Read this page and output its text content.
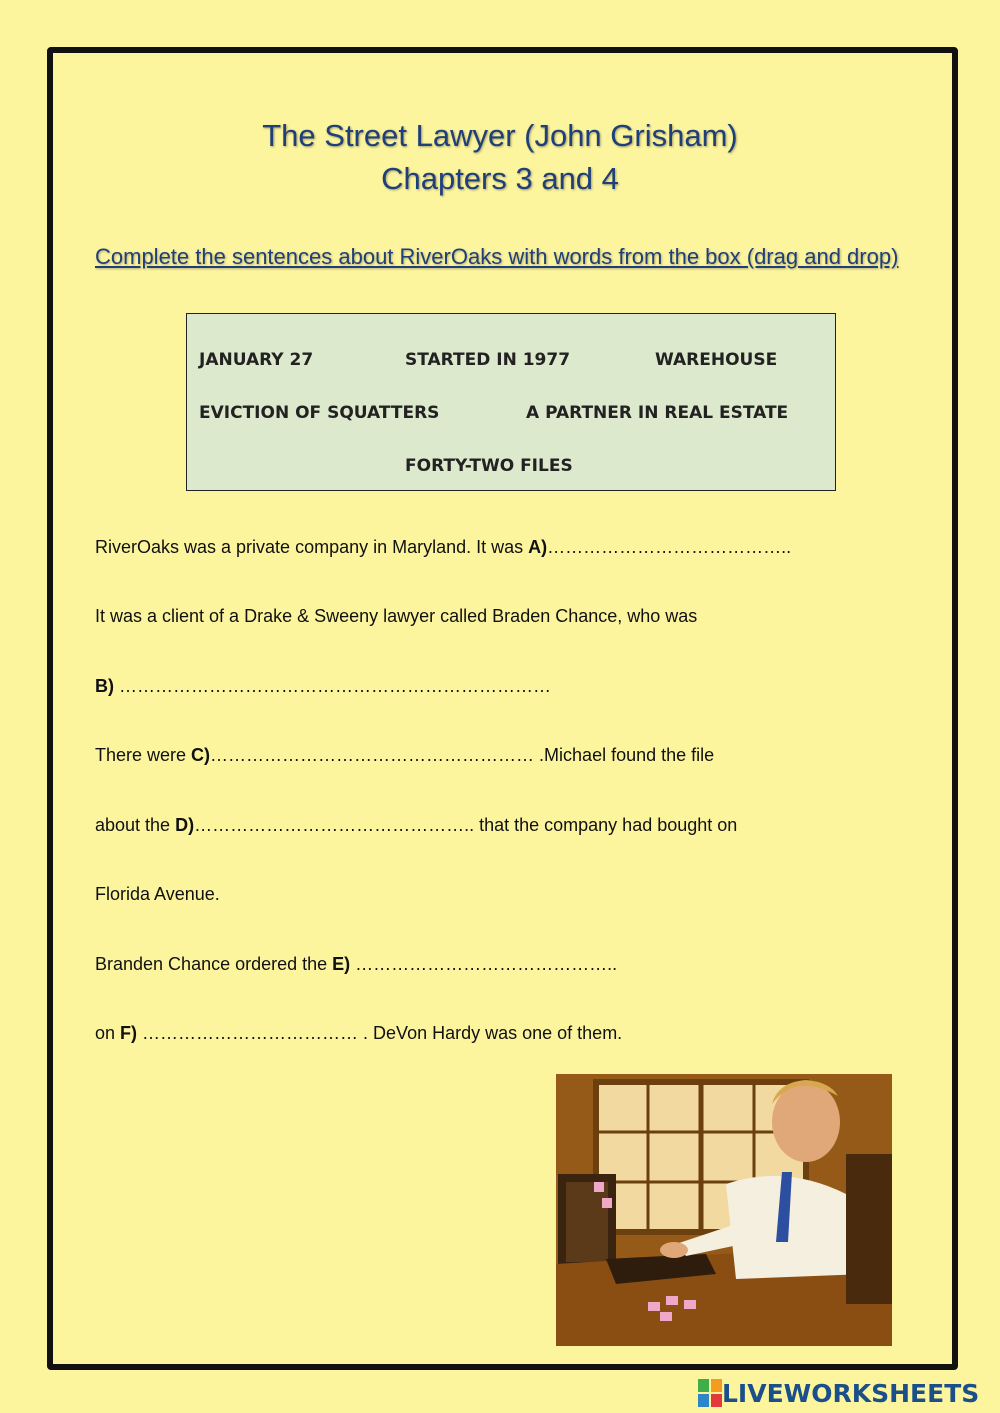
The Street Lawyer (John Grisham)
Chapters 3 and 4
Complete the sentences about RiverOaks with words from the box (drag and drop)
JANUARY 27	STARTED IN 1977	WAREHOUSE
EVICTION OF SQUATTERS	A PARTNER IN REAL ESTATE
FORTY-TWO FILES
RiverOaks was a private company in Maryland. It was A)…………………………………..
It was a client of a Drake & Sweeny lawyer called Braden Chance, who was
B) ………………………………………………………………
There were C)……………………………………………… .Michael found the file
about the D)……………………………………….. that the company had bought on
Florida Avenue.
Branden Chance ordered the E) ……………………………………..
on F) ……………………………… . DeVon Hardy was one of them.
LIVEWORKSHEETS
